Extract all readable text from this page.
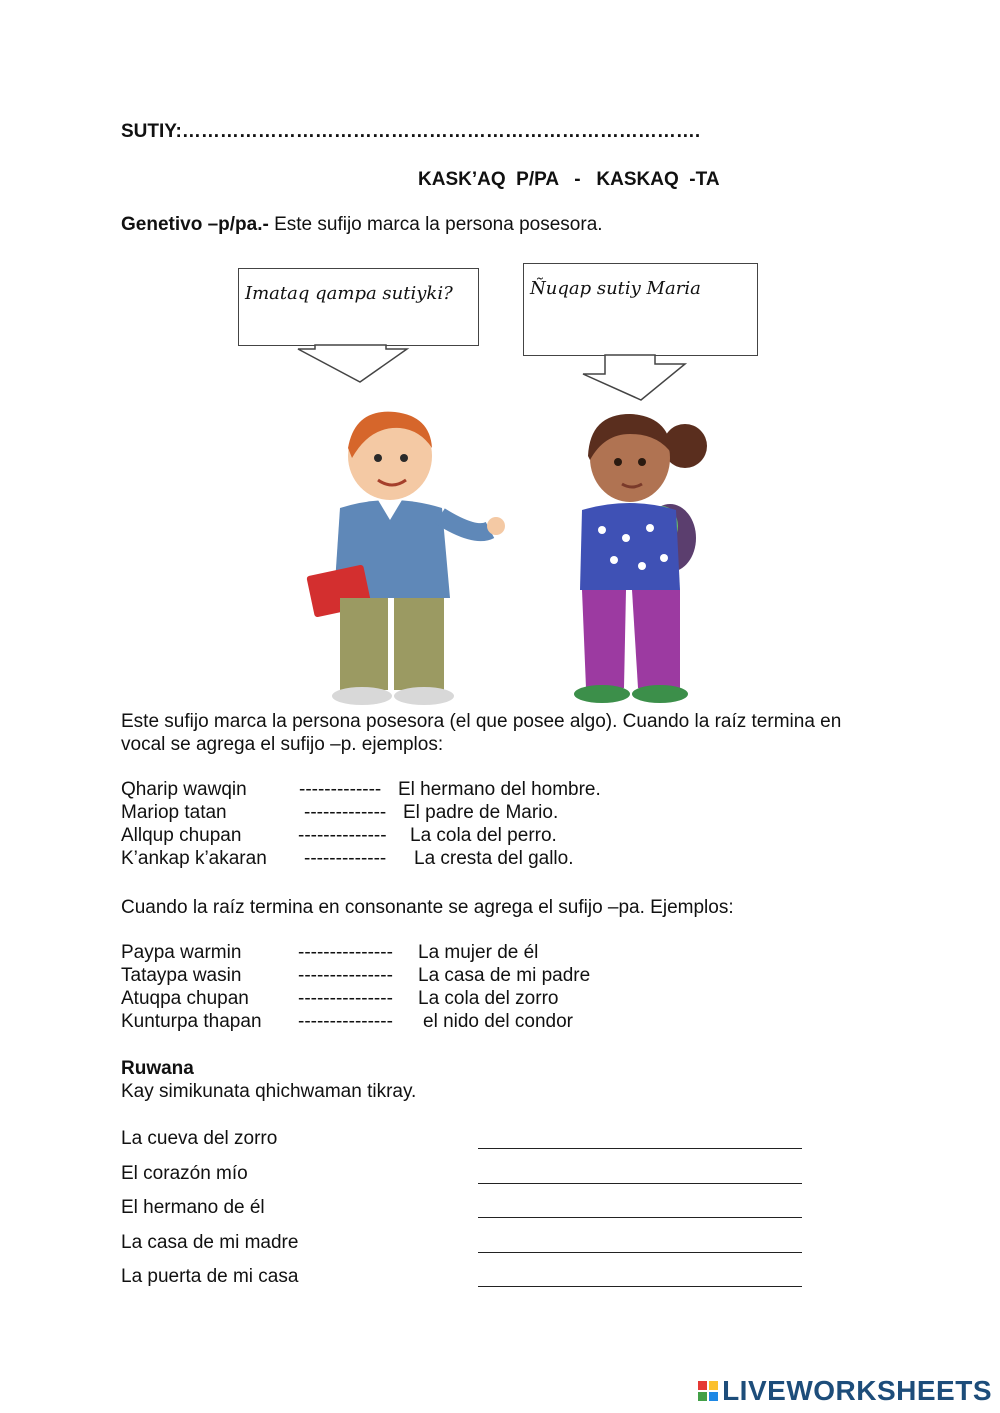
SUTIY:……………………………………………………………………….
KASK’AQ  P/PA   -   KASKAQ  -TA
Genetivo –p/pa.- Este sufijo marca la persona posesora.
Imataq qampa sutiyki?	Ñuqap sutiy Maria
Este sufijo marca la persona posesora (el que posee algo). Cuando la raíz termina en
vocal se agrega el sufijo –p. ejemplos:
Qharip wawqin	------------- El hermano del hombre.
Mariop tatan	------------- El padre de Mario.
Allqup chupan	-------------- La cola del perro.
K’ankap k’akaran ------------- La cresta del gallo.
Cuando la raíz termina en consonante se agrega el sufijo –pa. Ejemplos:
Paypa warmin	--------------- La mujer de él
Tataypa wasin	--------------- La casa de mi padre
Atuqpa chupan	--------------- La cola del zorro
Kunturpa thapan --------------- el nido del condor
Ruwana
Kay simikunata qhichwaman tikray.
La cueva del zorro
El corazón mío
El hermano de él
La casa de mi madre
La puerta de mi casa
LIVEWORKSHEETS
